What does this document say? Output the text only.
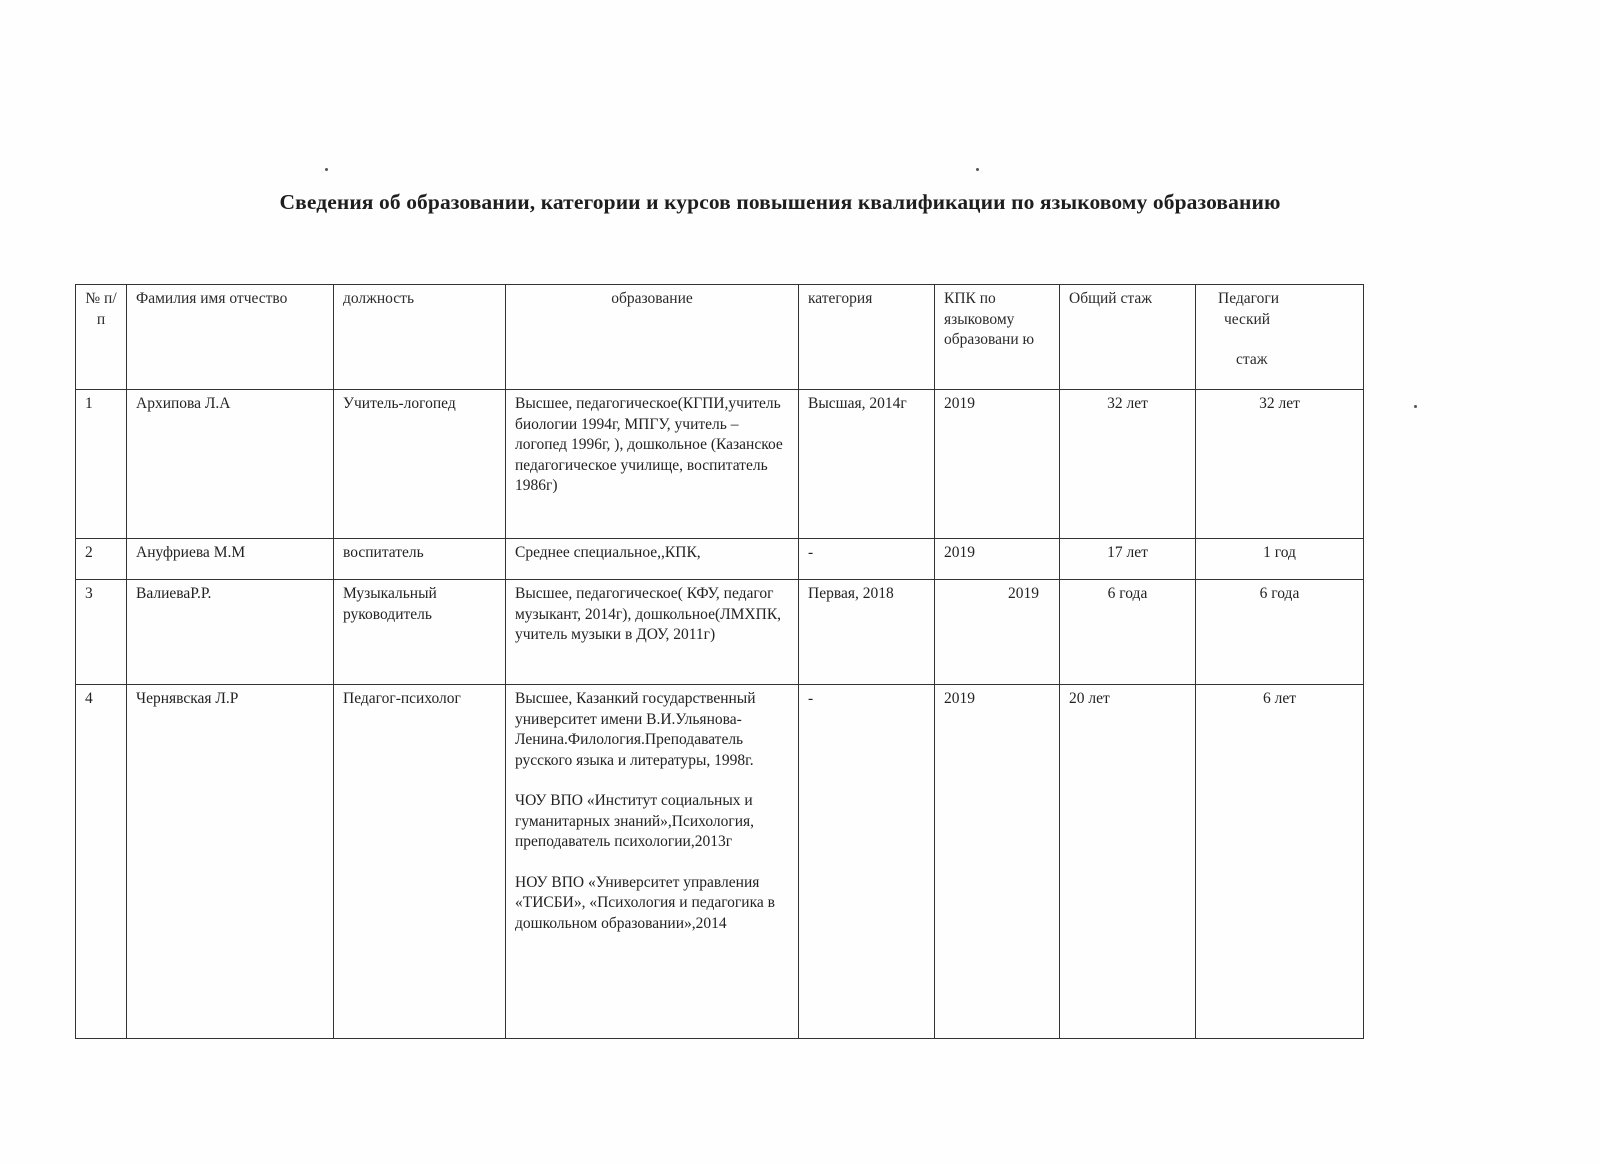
Сведения об образовании, категории и курсов повышения квалификации по языковому образованию
№ п/п	Фамилия имя отчество	должность	образование	категория	КПК по языковому образовани ю	Общий стаж	Педагоги
ческий
стаж

1	Архипова Л.А	Учитель-логопед	Высшее, педагогическое(КГПИ,учитель биологии 1994г, МПГУ, учитель –логопед 1996г, ), дошкольное (Казанское педагогическое училище, воспитатель 1986г)	Высшая, 2014г	2019	32 лет	32 лет
2	Ануфриева М.М	воспитатель	Среднее специальное,,КПК,	-	2019	17 лет	1 год
3	ВалиеваР.Р.	Музыкальный руководитель	Высшее, педагогическое( КФУ, педагог музыкант, 2014г), дошкольное(ЛМХПК, учитель музыки в ДОУ, 2011г)	Первая, 2018	2019	6 года	6 года
4	Чернявская Л.Р	Педагог-психолог	Высшее, Казанкий государственный университет имени В.И.Ульянова-Ленина.Филология.Преподаватель русского языка и литературы, 1998г.
ЧОУ ВПО «Институт социальных и гуманитарных знаний»,Психология, преподаватель психологии,2013г
НОУ ВПО «Университет управления «ТИСБИ», «Психология и педагогика в дошкольном образовании»,2014	-	2019	20 лет	6 лет
